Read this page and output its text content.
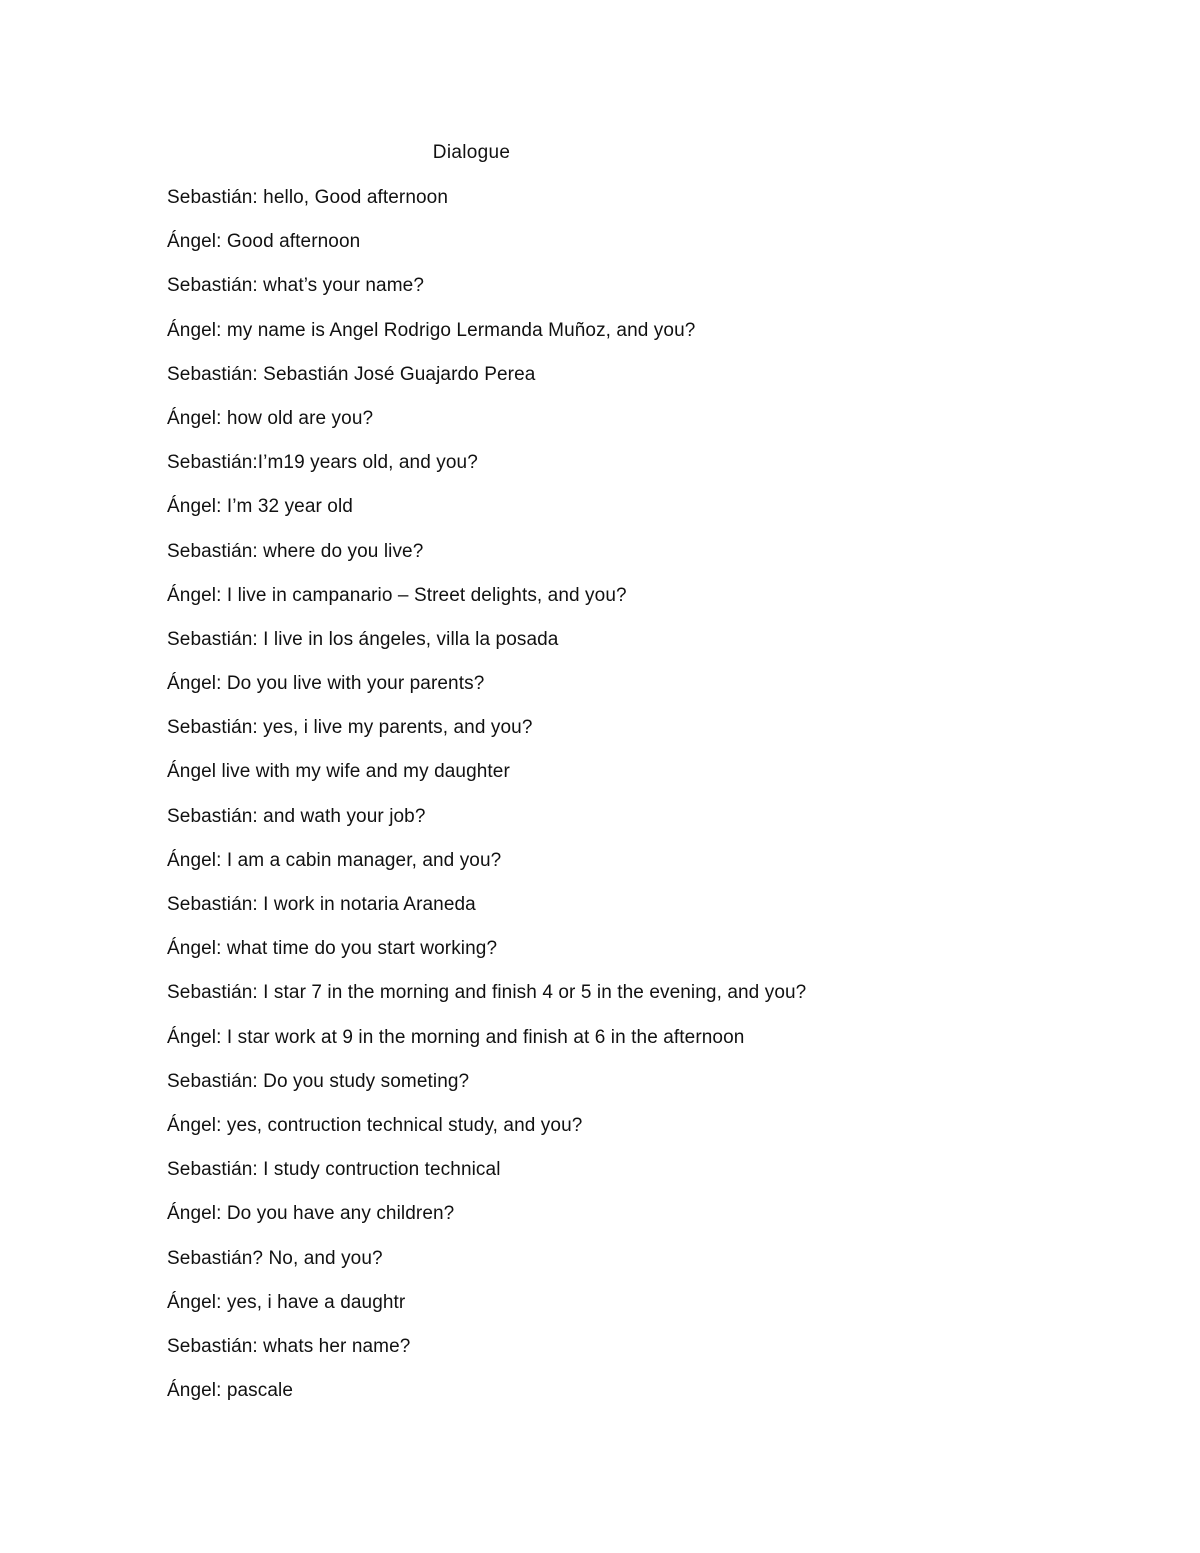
Dialogue
Sebastián: hello, Good afternoon
Ángel: Good afternoon
Sebastián: what’s your name?
Ángel: my name is Angel Rodrigo Lermanda Muñoz, and you?
Sebastián: Sebastián José Guajardo Perea
Ángel: how old are you?
Sebastián:I’m19 years old, and you?
Ángel: I’m 32 year old
Sebastián: where do you live?
Ángel: I live in campanario – Street delights, and you?
Sebastián: I live in los ángeles, villa la posada
Ángel: Do you live with your parents?
Sebastián: yes, i live my parents, and you?
Ángel live with my wife and my daughter
Sebastián: and wath your job?
Ángel: I am a cabin manager, and you?
Sebastián: I work in notaria Araneda
Ángel: what time do you start working?
Sebastián: I star 7 in the morning and finish 4 or 5 in the evening, and you?
Ángel: I star work at 9 in the morning and finish at 6 in the afternoon
Sebastián: Do you study someting?
Ángel: yes, contruction technical study, and you?
Sebastián: I study contruction technical
Ángel: Do you have any children?
Sebastián? No, and you?
Ángel: yes, i have a daughtr
Sebastián: whats her name?
Ángel: pascale
